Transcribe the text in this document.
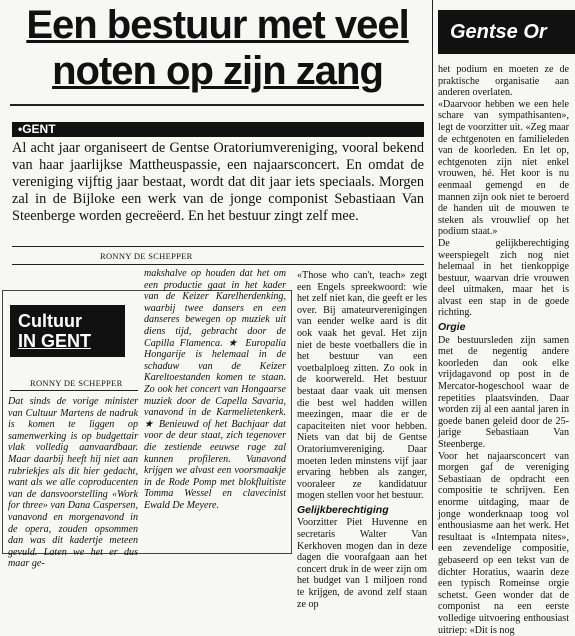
Een bestuur met veel
noten op zijn zang
Gentse Or
•GENT
Al acht jaar organiseert de Gentse Oratoriumvereniging, vooral bekend van haar jaarlijkse Mattheuspassie, een najaarsconcert. En omdat de vereniging vijftig jaar bestaat, wordt dat dit jaar iets speciaals. Morgen zal in de Bijloke een werk van de jonge componist Sebastiaan Van Steenberge worden gecreëerd. En het bestuur zingt zelf mee.
RONNY DE SCHEPPER
Cultuur
IN GENT
RONNY DE SCHEPPER
Dat sinds de vorige minister van Cultuur Martens de nadruk is komen te liggen op samenwerking is op budgettair vlak volledig aanvaardbaar. Maar daarbij heeft hij niet aan rubriekjes als dit hier gedacht, want als we alle coproducenten van de dansvoorstelling «Work for three» van Dana Caspersen, vanavond en morgenavond in de opera, zouden opsommen dan was dit kadertje meteen gevuld. Laten we het er dus maar ge-
makshalve op houden dat het om een productie gaat in het kader van de Keizer Karelherdenking, waarbij twee dansers en een danseres bewegen op muziek uit diens tijd, gebracht door de Capilla Flamenca. ★ Europalia Hongarije is helemaal in de schaduw van de Keizer Kareltoestanden komen te staan. Zo ook het concert van Hongaarse muziek door de Capella Savaria, vanavond in de Karmelietenkerk. ★ Benieuwd of het Bachjaar dat voor de deur staat, zich tegenover die zestiende eeuwse rage zal kunnen profileren. Vanavond krijgen we alvast een voorsmaakje in de Rode Pomp met blokfluitiste Tomma Wessel en clavecinist Ewald De Meyere.

«Those who can't, teach» zegt een Engels spreekwoord: wie het zelf niet kan, die geeft er les over. Bij amateurverenigingen van eender welke aard is dit ook vaak het geval. Het zijn niet de beste voetballers die in het bestuur van een voetbalploeg zitten. Zo ook in de koorwereld. Het bestuur bestaat daar vaak uit mensen die best wel hadden willen meezingen, maar die er de capaciteiten niet voor hebben. Niets van dat bij de Gentse Oratoriumvereniging. Daar moeten leden minstens vijf jaar ervaring hebben als zanger, vooraleer ze kandidatuur mogen stellen voor het bestuur.

Gelijkberechtiging

Voorzitter Piet Huvenne en secretaris Walter Van Kerkhoven mogen dan in deze dagen die voorafgaan aan het concert druk in de weer zijn om het budget van 1 miljoen rond te krijgen, de avond zelf staan ze op

het podium en moeten ze de praktische organisatie aan anderen overlaten.

«Daarvoor hebben we een hele schare van sympathisanten», legt de voorzitter uit. «Zeg maar de echtgenoten en familieleden van de koorleden. En let op, echtgenoten zijn niet enkel vrouwen, hé. Het koor is nu eenmaal gemengd en de mannen zijn ook niet te beroerd de handen uit de mouwen te steken als vrouwlief op het podium staat.»

De gelijkberechtiging weerspiegelt zich nog niet helemaal in het tienkoppige bestuur, waarvan drie vrouwen deel uitmaken, maar het is alvast een stap in de goede richting.

Orgie

De bestuursleden zijn samen met de negentig andere koorleden dan ook elke vrijdagavond op post in de Mercator-hogeschool waar de repetities plaatsvinden. Daar worden zij al een aantal jaren in goede banen geleid door de 25-jarige Sebastiaan Van Steenberge.

Voor het najaarsconcert van morgen gaf de vereniging Sebastiaan de opdracht een compositie te schrijven. Een enorme uitdaging, maar de jonge wonderknaap toog vol enthousiasme aan het werk. Het resultaat is «Intempata nites», een zevendelige compositie, gebaseerd op een tekst van de dichter Horatius, waarin deze een typisch Romeinse orgie schetst. Geen wonder dat de componist na een eerste volledige uitvoering enthousiast uitriep: «Dit is nog
